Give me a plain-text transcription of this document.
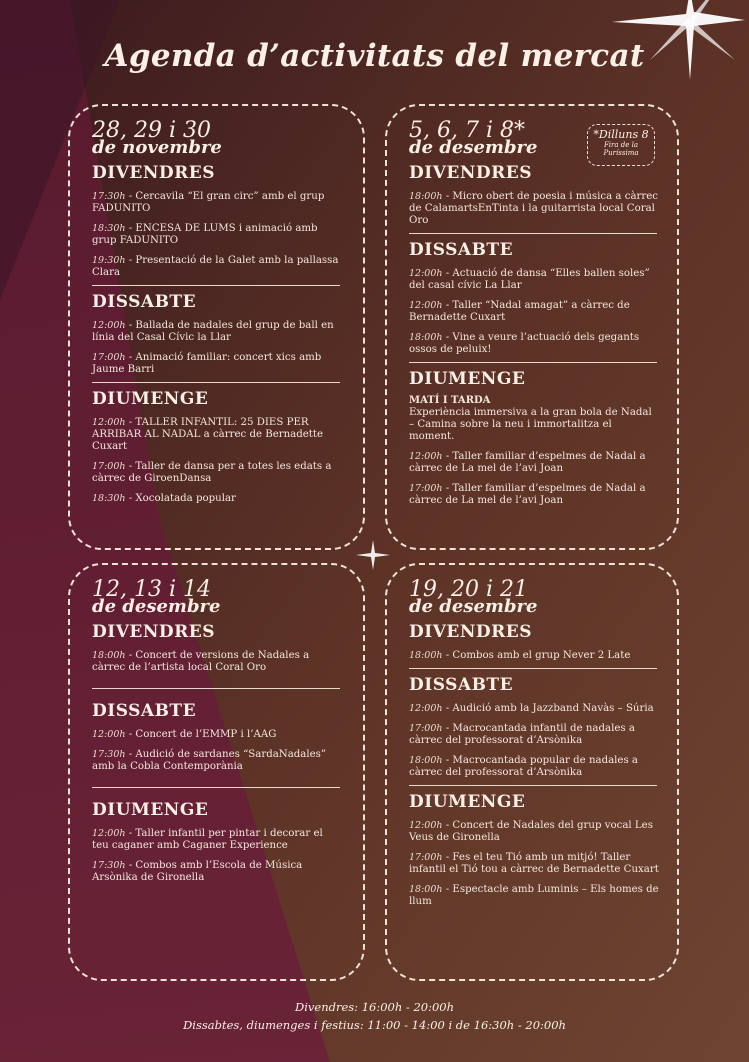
Agenda d’activitats del mercat
28, 29 i 30
de novembre
DIVENDRES
17:30h - Cercavila “El gran circ” amb el grup FADUNITO
18:30h - ENCESA DE LUMS i animació amb grup FADUNITO
19:30h - Presentació de la Galet amb la pallassa Clara
DISSABTE
12:00h - Ballada de nadales del grup de ball en línia del Casal Cívic la Llar
17:00h - Animació familiar: concert xics amb Jaume Barri
DIUMENGE
12:00h - TALLER INFANTIL: 25 DIES PER ARRIBAR AL NADAL a càrrec de Bernadette Cuxart
17:00h - Taller de dansa per a totes les edats a càrrec de GiroenDansa
18:30h - Xocolatada popular
*Dilluns 8
Fira de la Puríssima
5, 6, 7 i 8*
de desembre
DIVENDRES
18:00h - Micro obert de poesia i música a càrrec de CalamartsEnTinta i la guitarrista local Coral Oro
DISSABTE
12:00h - Actuació de dansa “Elles ballen soles” del casal cívic La Llar
12:00h - Taller “Nadal amagat” a càrrec de Bernadette Cuxart
18:00h - Vine a veure l’actuació dels gegants ossos de peluix!
DIUMENGE
MATÍ I TARDA
Experiència immersiva a la gran bola de Nadal – Camina sobre la neu i immortalitza el moment.
12:00h - Taller familiar d’espelmes de Nadal a càrrec de La mel de l’avi Joan
17:00h - Taller familiar d’espelmes de Nadal a càrrec de La mel de l’avi Joan
12, 13 i 14
de desembre
DIVENDRES
18:00h - Concert de versions de Nadales a càrrec de l’artista local Coral Oro
DISSABTE
12:00h - Concert de l’EMMP i l’AAG
17:30h - Audició de sardanes “SardaNadales” amb la Cobla Contemporània
DIUMENGE
12:00h - Taller infantil per pintar i decorar el teu caganer amb Caganer Experience
17:30h - Combos amb l’Escola de Música Arsònika de Gironella
19, 20 i 21
de desembre
DIVENDRES
18:00h - Combos amb el grup Never 2 Late
DISSABTE
12:00h - Audició amb la Jazzband Navàs – Súria
17:00h - Macrocantada infantil de nadales a càrrec del professorat d’Arsònika
18:00h - Macrocantada popular de nadales a càrrec del professorat d’Arsònika
DIUMENGE
12:00h - Concert de Nadales del grup vocal Les Veus de Gironella
17:00h - Fes el teu Tió amb un mitjó! Taller infantil el Tió tou a càrrec de Bernadette Cuxart
18:00h - Espectacle amb Luminis – Els homes de llum
Divendres: 16:00h - 20:00h
Dissabtes, diumenges i festius: 11:00 - 14:00 i de 16:30h - 20:00h
